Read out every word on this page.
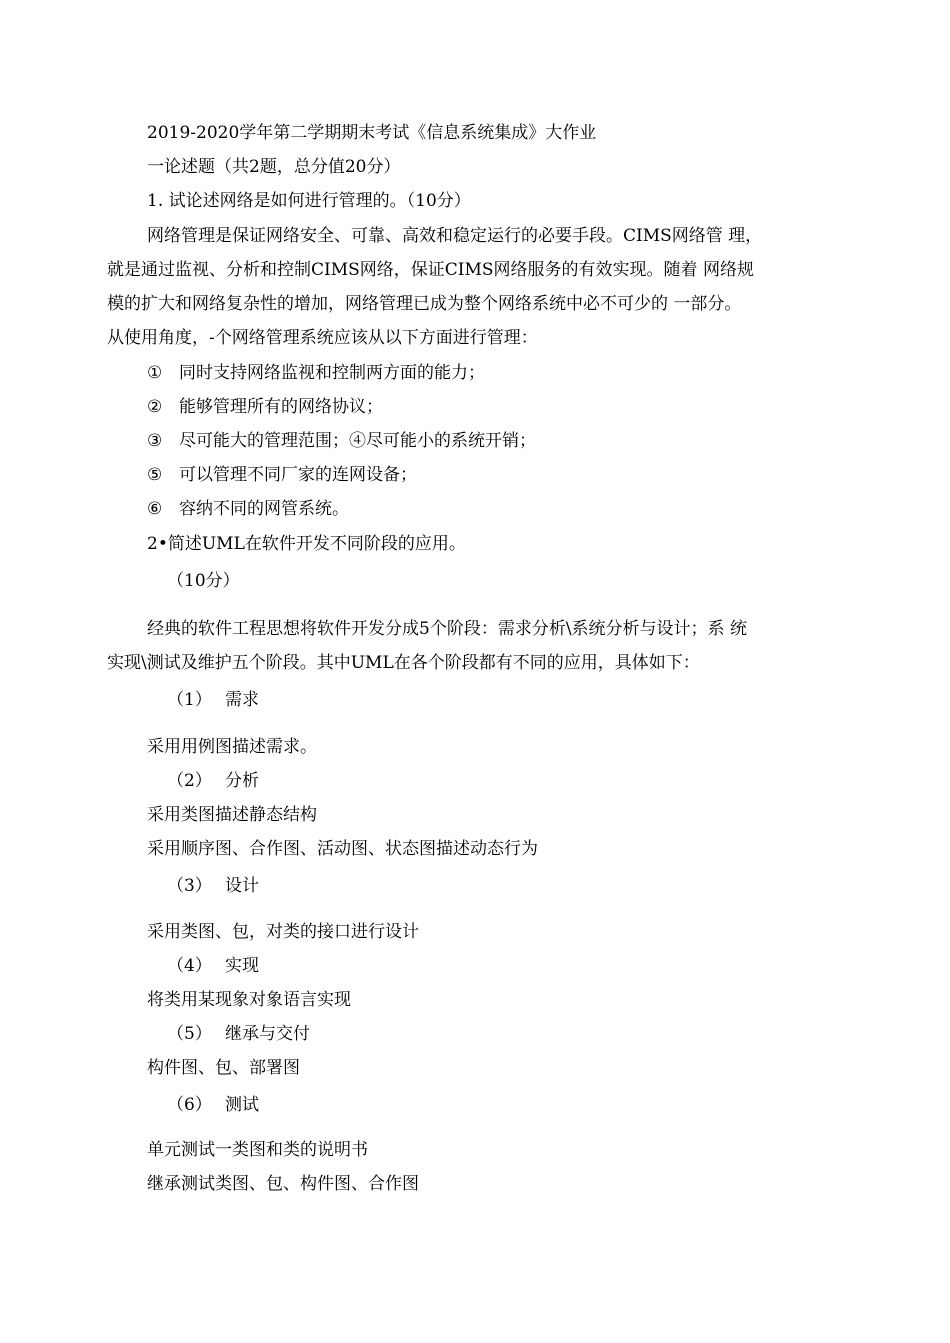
2019-2020学年第二学期期末考试《信息系统集成》大作业
一论述题（共2题，总分值20分）
1. 试论述网络是如何进行管理的。（10分）
网络管理是保证网络安全、可靠、高效和稳定运行的必要手段。CIMS网络管 理，
就是通过监视、分析和控制CIMS网络，保证CIMS网络服务的有效实现。随着 网络规
模的扩大和网络复杂性的增加，网络管理已成为整个网络系统中必不可少的 一部分。
从使用角度，-个网络管理系统应该从以下方面进行管理：
① 同时支持网络监视和控制两方面的能力；
② 能够管理所有的网络协议；
③ 尽可能大的管理范围；④尽可能小的系统开销；
⑤ 可以管理不同厂家的连网设备；
⑥ 容纳不同的网管系统。
2•简述UML在软件开发不同阶段的应用。
（10分）
经典的软件工程思想将软件开发分成5个阶段：需求分析\系统分析与设计；系 统
实现\测试及维护五个阶段。其中UML在各个阶段都有不同的应用，具体如下：
（1） 需求
采用用例图描述需求。
（2） 分析
采用类图描述静态结构
采用顺序图、合作图、活动图、状态图描述动态行为
（3） 设计
采用类图、包，对类的接口进行设计
（4） 实现
将类用某现象对象语言实现
（5） 继承与交付
构件图、包、部署图
（6） 测试
单元测试一类图和类的说明书
继承测试类图、包、构件图、合作图
